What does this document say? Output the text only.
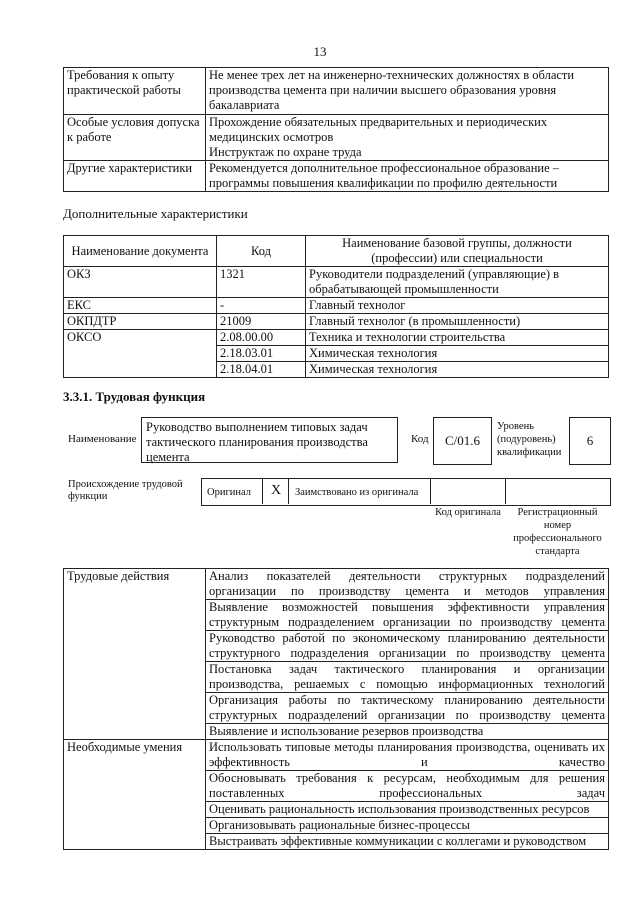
13
Требования к опыту практической работы	Не менее трех лет на инженерно-технических должностях в области
производства цемента при наличии высшего образования уровня
бакалавриата

Особые условия допуска к работе	Прохождение обязательных предварительных и периодических
медицинских осмотров
Инструктаж по охране труда

Другие характеристики	Рекомендуется дополнительное профессиональное образование –
программы повышения квалификации по профилю деятельности
Дополнительные характеристики
Наименование документа	Код	Наименование базовой группы, должности (профессии) или специальности
ОКЗ	1321	Руководители подразделений (управляющие) в обрабатывающей промышленности
ЕКС	-	Главный технолог
ОКПДТР	21009	Главный технолог (в промышленности)
ОКСО	2.08.00.00	Техника и технологии строительства
	2.18.03.01	Химическая технология
	2.18.04.01	Химическая технология
3.3.1. Трудовая функция
Наименование
Руководство выполнением типовых задач тактического планирования производства цемента
Код	С/01.6
Уровень (подуровень) квалификации
6
Происхождение трудовой функции	Оригинал X Заимствовано из оригинала
Код оригинала	Регистрационный номер профессионального стандарта
Трудовые действия	Анализ показателей деятельности структурных подразделений организации по производству цемента и методов управления
	Выявление возможностей повышения эффективности управления структурным подразделением организации по производству цемента
	Руководство работой по экономическому планированию деятельности структурного подразделения организации по производству цемента
	Постановка задач тактического планирования и организации производства, решаемых с помощью информационных технологий
	Организация работы по тактическому планированию деятельности структурных подразделений организации по производству цемента
	Выявление и использование резервов производства
Необходимые умения	Использовать типовые методы планирования производства, оценивать их эффективность и качество
	Обосновывать требования к ресурсам, необходимым для решения поставленных профессиональных задач
	Оценивать рациональность использования производственных ресурсов
	Организовывать рациональные бизнес-процессы
	Выстраивать эффективные коммуникации с коллегами и руководством
